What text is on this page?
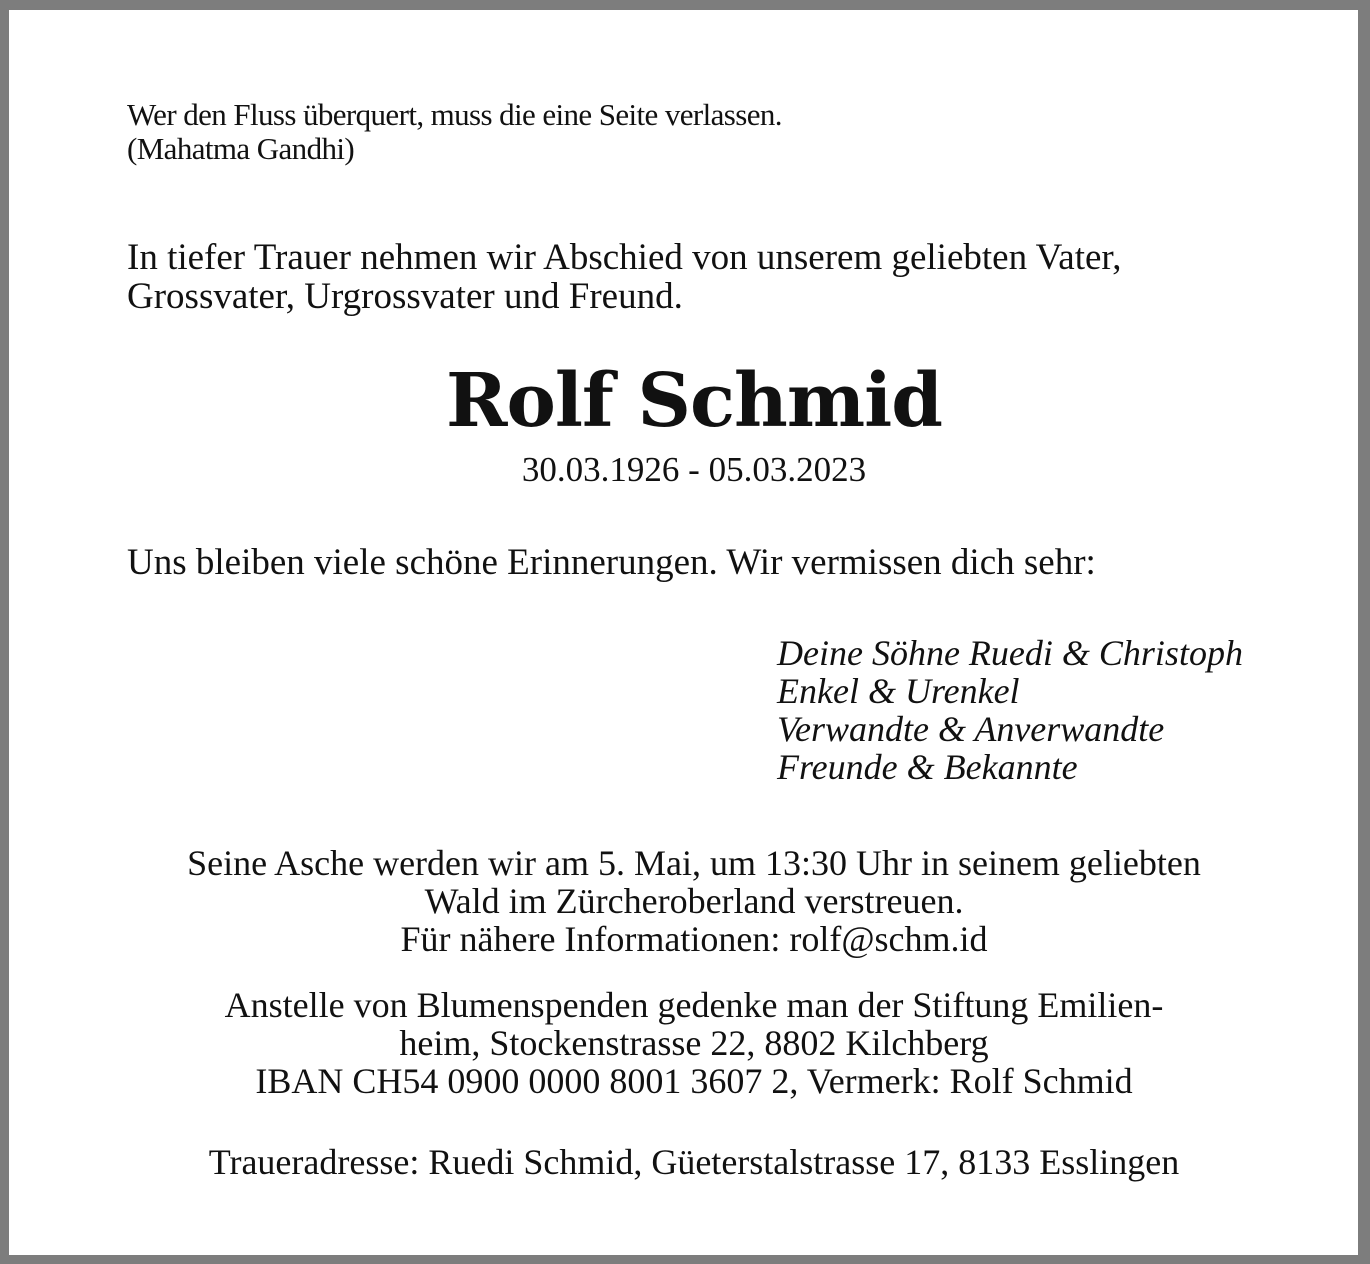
Wer den Fluss überquert, muss die eine Seite verlassen.
(Mahatma Gandhi)
In tiefer Trauer nehmen wir Abschied von unserem geliebten Vater,
Grossvater, Urgrossvater und Freund.
Rolf Schmid
30.03.1926 - 05.03.2023
Uns bleiben viele schöne Erinnerungen. Wir vermissen dich sehr:
Deine Söhne Ruedi & Christoph
Enkel & Urenkel
Verwandte & Anverwandte
Freunde & Bekannte
Seine Asche werden wir am 5. Mai, um 13:30 Uhr in seinem geliebten
Wald im Zürcheroberland verstreuen.
Für nähere Informationen: rolf@schm.id
Anstelle von Blumenspenden gedenke man der Stiftung Emilien-
heim, Stockenstrasse 22, 8802 Kilchberg
IBAN CH54 0900 0000 8001 3607 2, Vermerk: Rolf Schmid
Traueradresse: Ruedi Schmid, Güeterstalstrasse 17, 8133 Esslingen
